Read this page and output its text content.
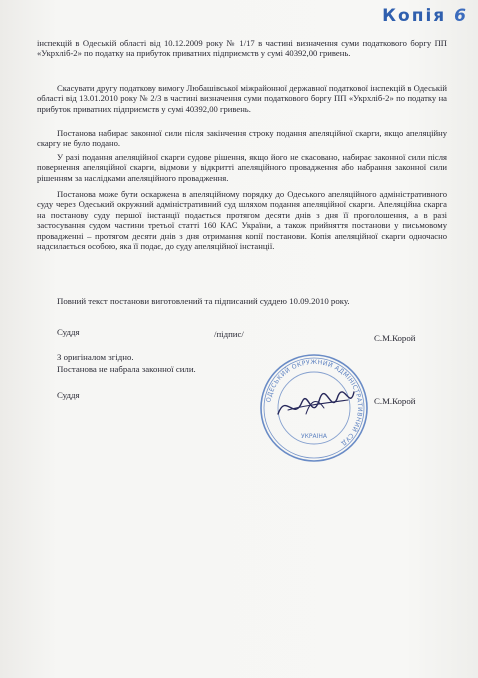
Копія 6

інспекцій в Одеській області від 10.12.2009 року № 1/17 в частині визначення суми податкового боргу ПП «Укрхліб-2» по податку на прибуток приватних підприємств у сумі 40392,00 гривень.

Скасувати другу податкову вимогу Любашівської міжрайонної державної податкової інспекцій в Одеській області від 13.01.2010 року № 2/3 в частині визначення суми податкового боргу ПП «Укрхліб-2» по податку на прибуток приватних підприємств у сумі 40392,00 гривень.

Постанова набирає законної сили після закінчення строку подання апеляційної скарги, якщо апеляційну скаргу не було подано.

У разі подання апеляційної скарги судове рішення, якщо його не скасовано, набирає законної сили після повернення апеляційної скарги, відмови у відкритті апеляційного провадження або набрання законної сили рішенням за наслідками апеляційного провадження.

Постанова може бути оскаржена в апеляційному порядку до Одеського апеляційного адміністративного суду через Одеський окружний адміністративний суд шляхом подання апеляційної скарги. Апеляційна скарга на постанову суду першої інстанції подається протягом десяти днів з дня її проголошення, а в разі застосування судом частини третьої статті 160 КАС України, а також прийняття постанови у письмовому провадженні – протягом десяти днів з дня отримання копії постанови. Копія апеляційної скарги одночасно надсилається особою, яка її подає, до суду апеляційної інстанції.

Повний текст постанови виготовлений та підписаний суддею 10.09.2010 року.

Суддя	/підпис/	С.М.Корой
З оригіналом згідно.
Постанова не набрала законної сили.
Суддя
С.М.Корой
ОДЕСЬКИЙ ОКРУЖНИЙ АДМІНІСТРАТИВНИЙ СУД
УКРАЇНА
